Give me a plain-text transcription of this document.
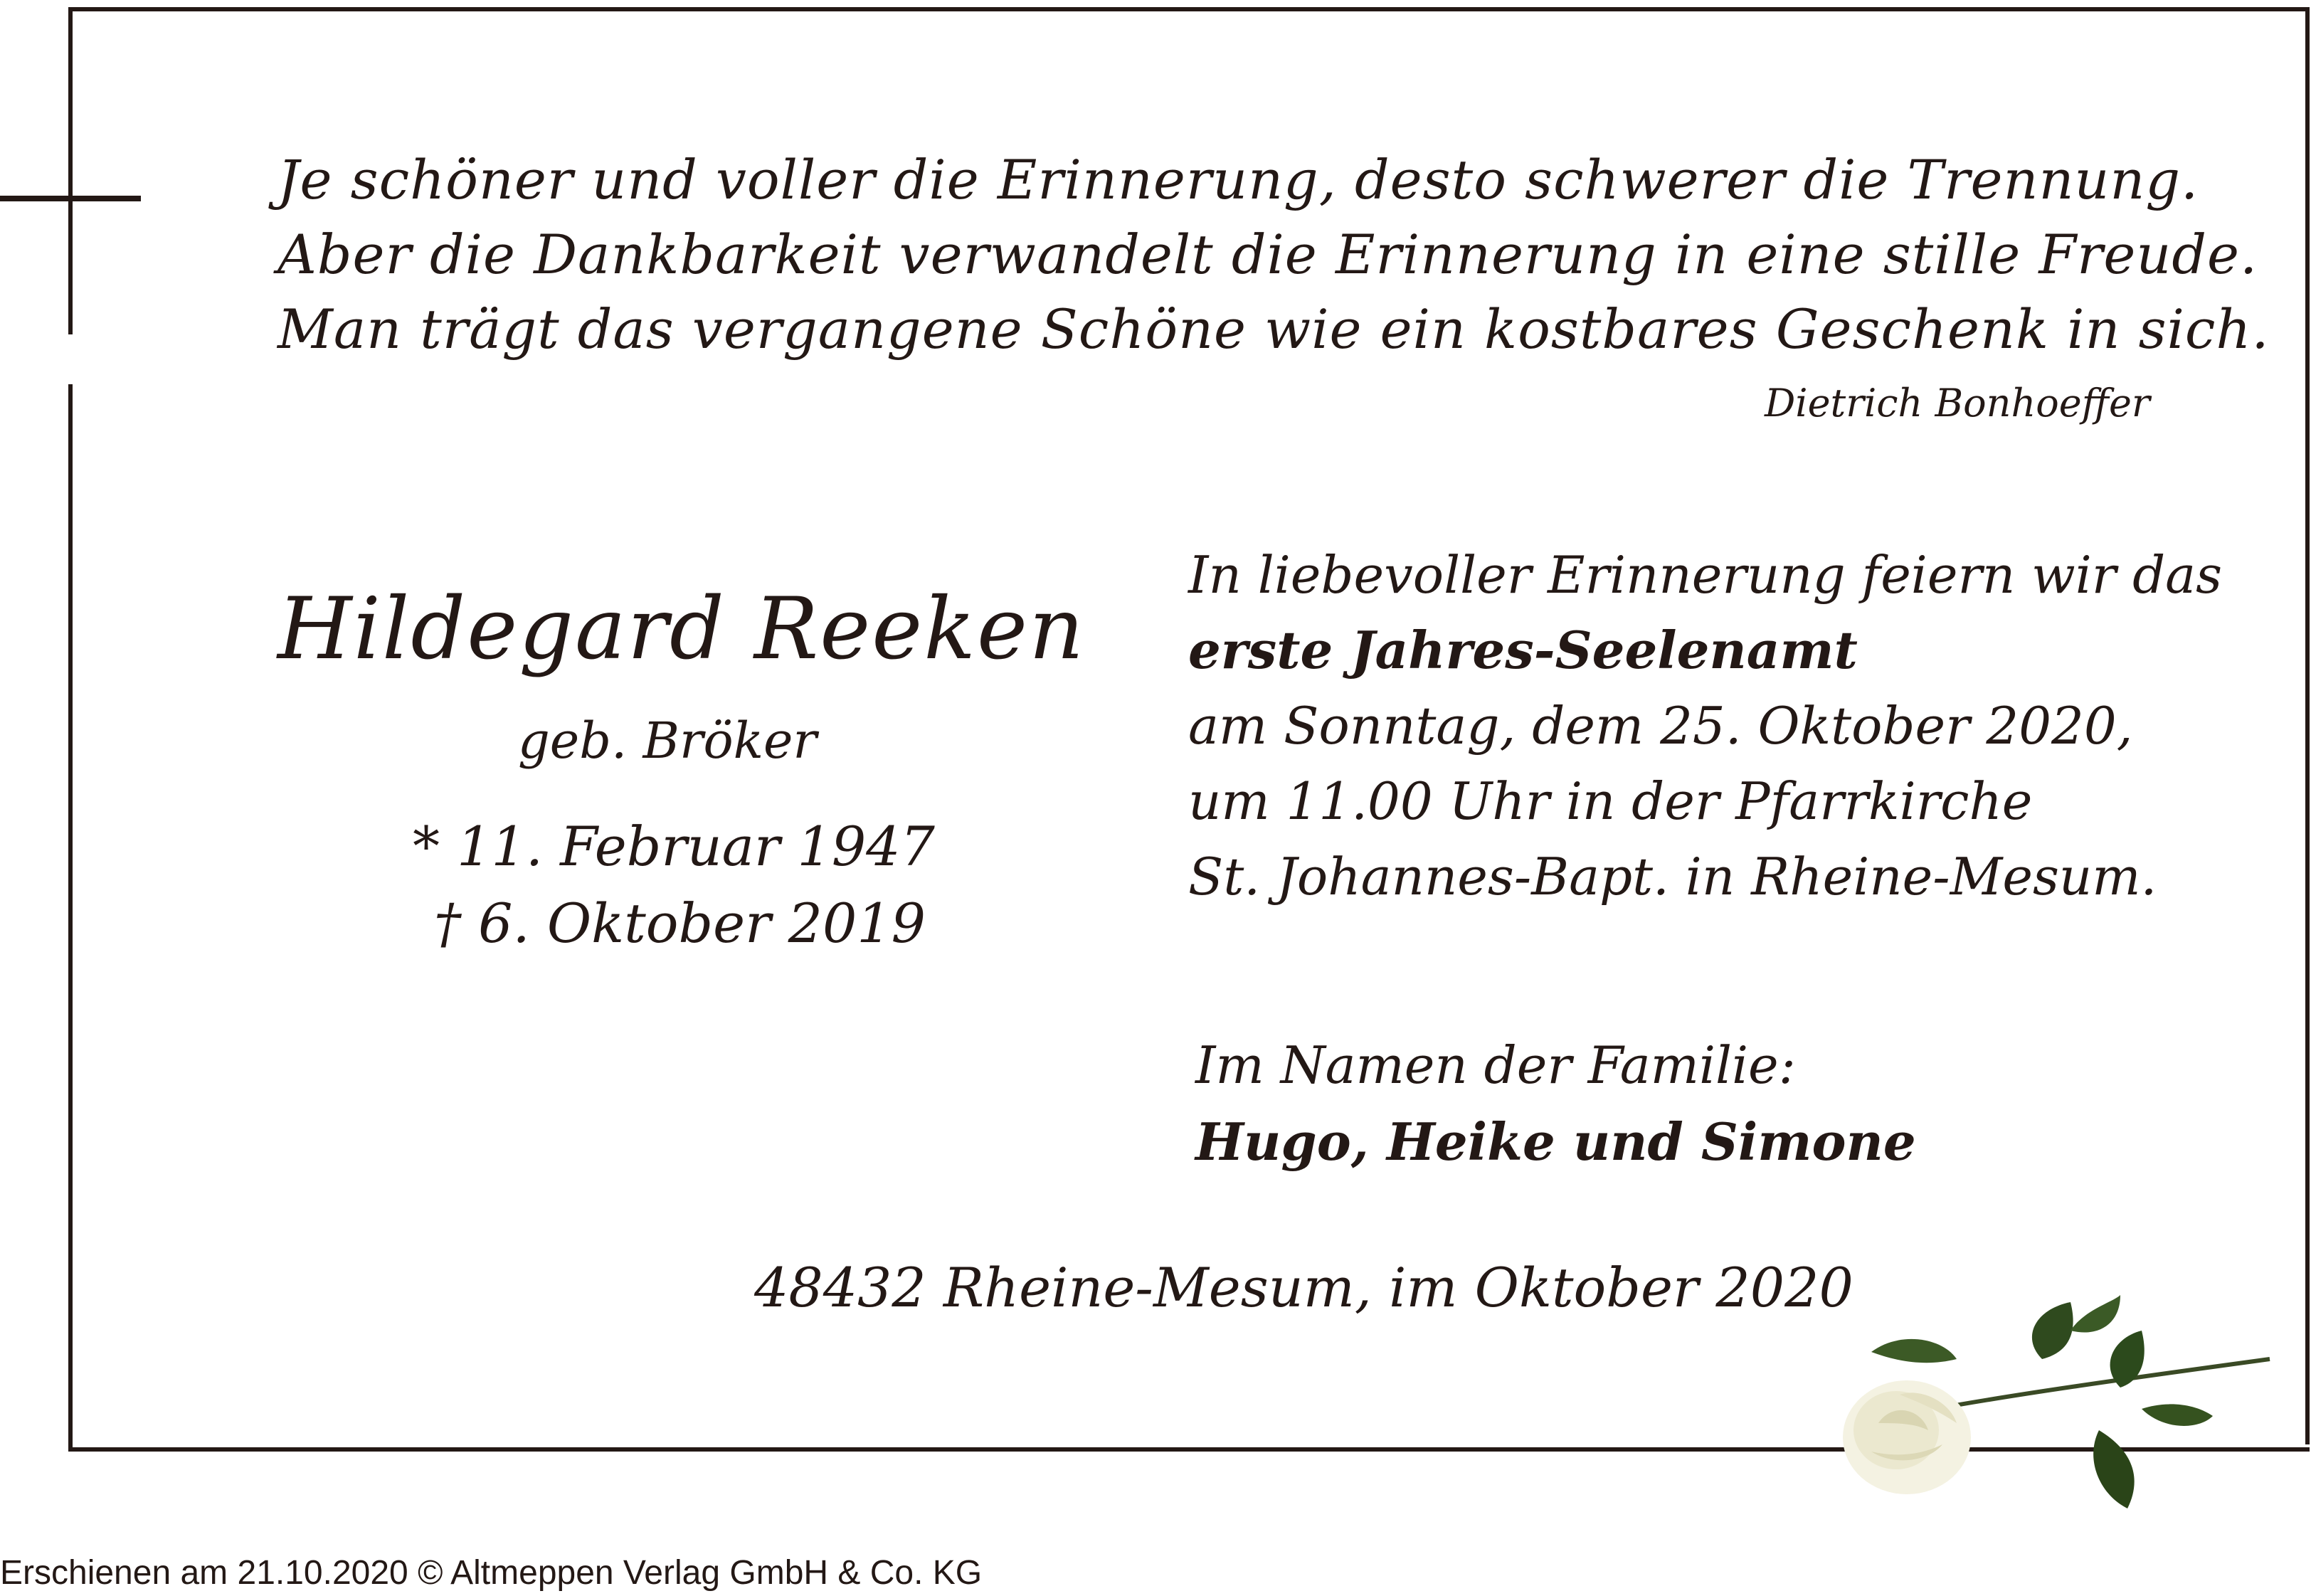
Je schöner und voller die Erinnerung, desto schwerer die Trennung.
Aber die Dankbarkeit verwandelt die Erinnerung in eine stille Freude.
Man trägt das vergangene Schöne wie ein kostbares Geschenk in sich.
Dietrich Bonhoeffer
Hildegard Reeken
geb. Bröker
* 11. Februar 1947
† 6. Oktober 2019
In liebevoller Erinnerung feiern wir das
erste Jahres-Seelenamt
am Sonntag, dem 25. Oktober 2020,
um 11.00 Uhr in der Pfarrkirche
St. Johannes-Bapt. in Rheine-Mesum.
Im Namen der Familie:
Hugo, Heike und Simone
48432 Rheine-Mesum, im Oktober 2020
Erschienen am 21.10.2020 © Altmeppen Verlag GmbH & Co. KG
